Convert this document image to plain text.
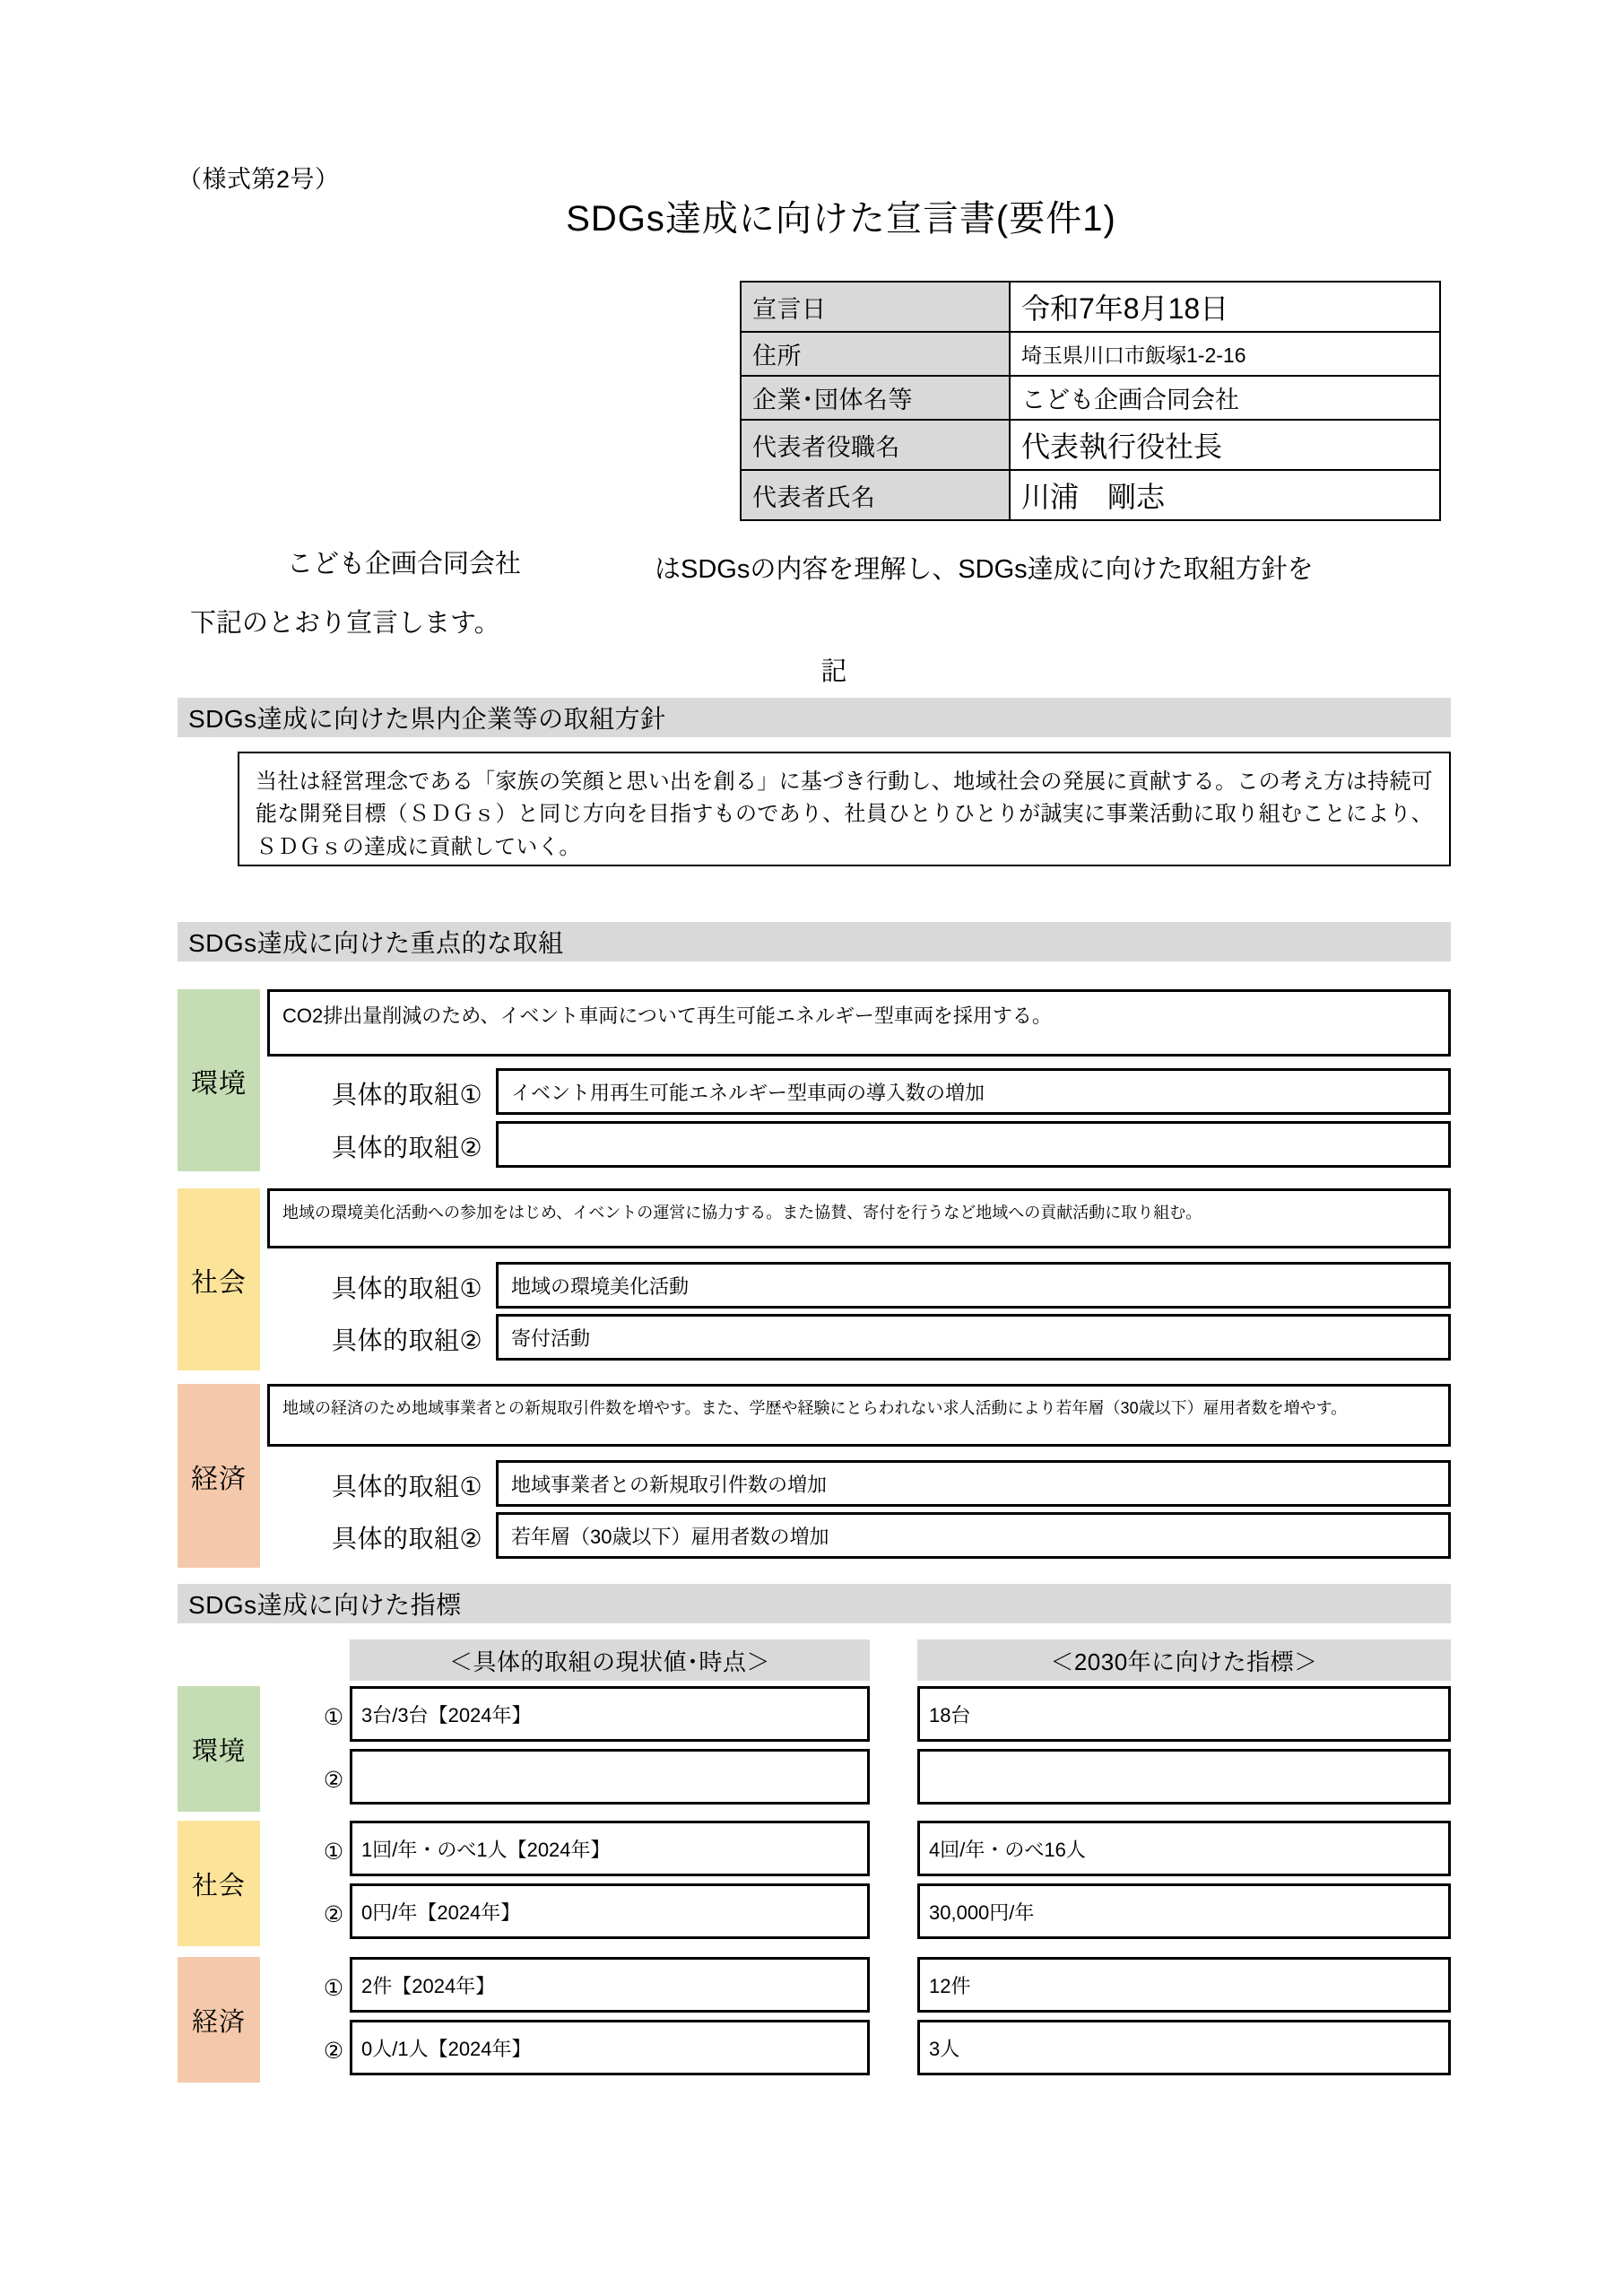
（様式第2号）
SDGs達成に向けた宣言書(要件1)
宣言日	令和7年8月18日
住所	埼玉県川口市飯塚1-2-16
企業･団体名等	こども企画合同会社
代表者役職名	代表執行役社長
代表者氏名	川浦　剛志
こども企画合同会社	はSDGsの内容を理解し、SDGs達成に向けた取組方針を
下記のとおり宣言します。
記
SDGs達成に向けた県内企業等の取組方針

当社は経営理念である「家族の笑顔と思い出を創る」に基づき行動し、地域社会の発展に貢献する。この考え方は持続可能な開発目標（ＳＤＧｓ）と同じ方向を目指すものであり、社員ひとりひとりが誠実に事業活動に取り組むことにより、ＳＤＧｓの達成に貢献していく。

SDGs達成に向けた重点的な取組
環境
CO2排出量削減のため、イベント車両について再生可能エネルギー型車両を採用する。
具体的取組① イベント用再生可能エネルギー型車両の導入数の増加
具体的取組②
社会
地域の環境美化活動への参加をはじめ、イベントの運営に協力する。また協賛、寄付を行うなど地域への貢献活動に取り組む。
具体的取組① 地域の環境美化活動
具体的取組② 寄付活動
経済
地域の経済のため地域事業者との新規取引件数を増やす。また、学歴や経験にとらわれない求人活動により若年層（30歳以下）雇用者数を増やす。
具体的取組① 地域事業者との新規取引件数の増加
具体的取組② 若年層（30歳以下）雇用者数の増加
SDGs達成に向けた指標
＜具体的取組の現状値･時点＞	＜2030年に向けた指標＞
環境
① 3台/3台【2024年】	18台
②
社会
① 1回/年・のべ1人【2024年】	4回/年・のべ16人
② 0円/年【2024年】	30,000円/年
経済
① 2件【2024年】	12件
② 0人/1人【2024年】	3人
